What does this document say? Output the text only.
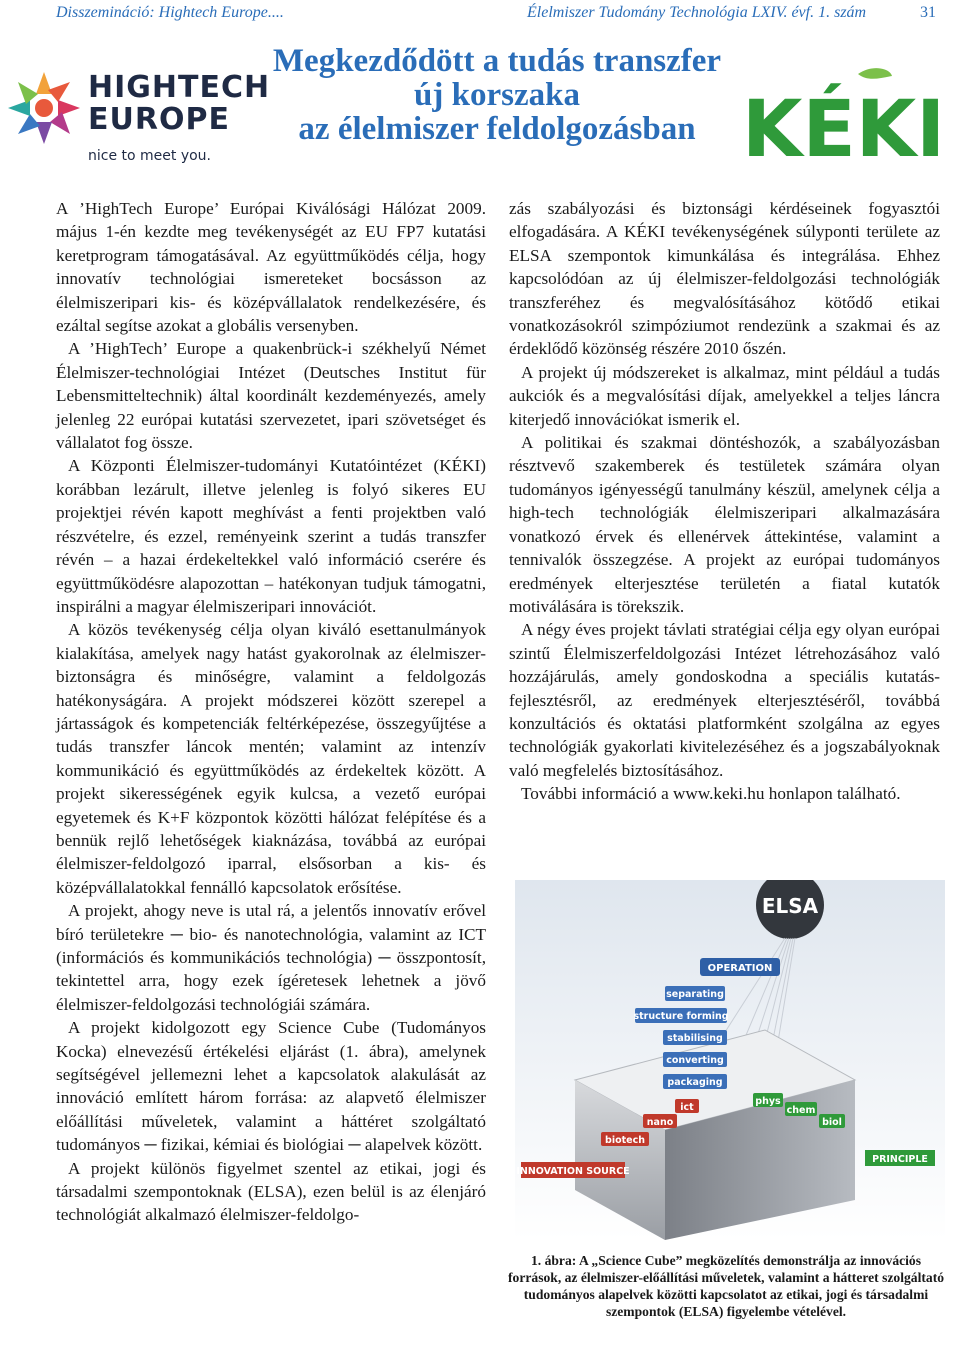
Disszemináció: Hightech Europe....	Élelmiszer Tudomány Technológia LXIV. évf. 1. szám	31
HIGHTECH
EUROPE
nice to meet you.
Megkezdődött a tudás transzfer
új korszaka
az élelmiszer feldolgozásban KÉKI

A ’HighTech Europe’ Európai Kiválósági Hálózat 2009. május 1-én kezdte meg tevékenységét az EU FP7 kutatási keretprogram támogatásával. Az együttműködés célja, hogy innovatív technológiai ismereteket bocsásson az élelmiszeripari kis- és középvállalatok rendelkezésére, és ezáltal segítse azokat a globális versenyben.

A ’HighTech’ Europe a quakenbrück-i székhelyű Német Élelmiszer-technológiai Intézet (Deutsches Institut für Lebensmitteltechnik) által koordinált kezdeményezés, amely jelenleg 22 európai kutatási szervezetet, ipari szövetséget és vállalatot fog össze.

A Központi Élelmiszer-tudományi Kutatóintézet (KÉKI) korábban lezárult, illetve jelenleg is folyó sikeres EU projektjei révén kapott meghívást a fenti projektben való részvételre, és ezzel, reményeink szerint a tudás transzfer révén – a hazai érdekeltekkel való információ cserére és együttműködésre alapozottan – hatékonyan tudjuk támogatni, inspirálni a magyar élelmiszeripari innovációt.

A közös tevékenység célja olyan kiváló esettanulmányok kialakítása, amelyek nagy hatást gyakorolnak az élelmiszer-biztonságra és minőségre, valamint a feldolgozás hatékonyságára. A projekt módszerei között szerepel a jártasságok és kompetenciák feltérképezése, összegyűjtése a tudás transzfer láncok mentén; valamint az intenzív kommunikáció és együttműködés az érdekeltek között. A projekt sikerességének egyik kulcsa, a vezető európai egyetemek és K+F központok közötti hálózat felépítése és a bennük rejlő lehetőségek kiaknázása, továbbá az európai élelmiszer-feldolgozó iparral, elsősorban a kis- és középvállalatokkal fennálló kapcsolatok erősítése.

A projekt, ahogy neve is utal rá, a jelentős innovatív erővel bíró területekre ─ bio- és nanotechnológia, valamint az ICT (információs és kommunikációs technológia) ─ összpontosít, tekintettel arra, hogy ezek ígéretesek lehetnek a jövő élelmiszer-feldolgozási technológiái számára.

A projekt kidolgozott egy Science Cube (Tudományos Kocka) elnevezésű értékelési eljárást (1. ábra), amelynek segítségével jellemezni lehet a kapcsolatok alakulását az innováció említett három forrása: az alapvető élelmiszer előállítási műveletek, valamint a háttéret szolgáltató tudományos ─ fizikai, kémiai és biológiai ─ alapelvek között.

A projekt különös figyelmet szentel az etikai, jogi és társadalmi szempontoknak (ELSA), ezen belül is az élenjáró technológiát alkalmazó élelmiszer-feldolgo-

zás szabályozási és biztonsági kérdéseinek fogyasztói elfogadására. A KÉKI tevékenységének súlyponti területe az ELSA szempontok kimunkálása és integrálása. Ehhez kapcsolódóan az új élelmiszer-feldolgozási technológiák transzferéhez és megvalósításához kötődő etikai vonatkozásokról szimpóziumot rendezünk a szakmai és az érdeklődő közönség részére 2010 őszén.

A projekt új módszereket is alkalmaz, mint például a tudás aukciók és a megvalósítási díjak, amelyekkel a teljes láncra kiterjedő innovációkat ismerik el.

A politikai és szakmai döntéshozók, a szabályozásban résztvevő szakemberek és testületek számára olyan tudományos igényességű tanulmány készül, amelynek célja a high-tech technológiák élelmiszeripari alkalmazására vonatkozó érvek és ellenérvek áttekintése, valamint a tennivalók összegzése. A projekt az európai tudományos eredmények elterjesztése területén a fiatal kutatók motiválására is törekszik.

A négy éves projekt távlati stratégiai célja egy olyan európai szintű Élelmiszerfeldolgozási Intézet létrehozásához való hozzájárulás, amely gondoskodna a speciális kutatás-fejlesztésről, az eredmények elterjesztéséről, továbbá konzultációs és oktatási platformként szolgálna az egyes technológiák gyakorlati kivitelezéséhez és a jogszabályoknak való megfelelés biztosításához.

További információ a www.keki.hu honlapon található.

ELSA
OPERATION
separating
structure forming
stabilising
converting
packaging
ict
nano
biotech
phys
chem
biol
INNOVATION SOURCE
PRINCIPLE
1. ábra: A „Science Cube” megközelítés demonstrálja az innovációs források, az élelmiszer-előállítási műveletek, valamint a hátteret szolgáltató tudományos alapelvek közötti kapcsolatot az etikai, jogi és társadalmi szempontok (ELSA) figyelembe vételével.
